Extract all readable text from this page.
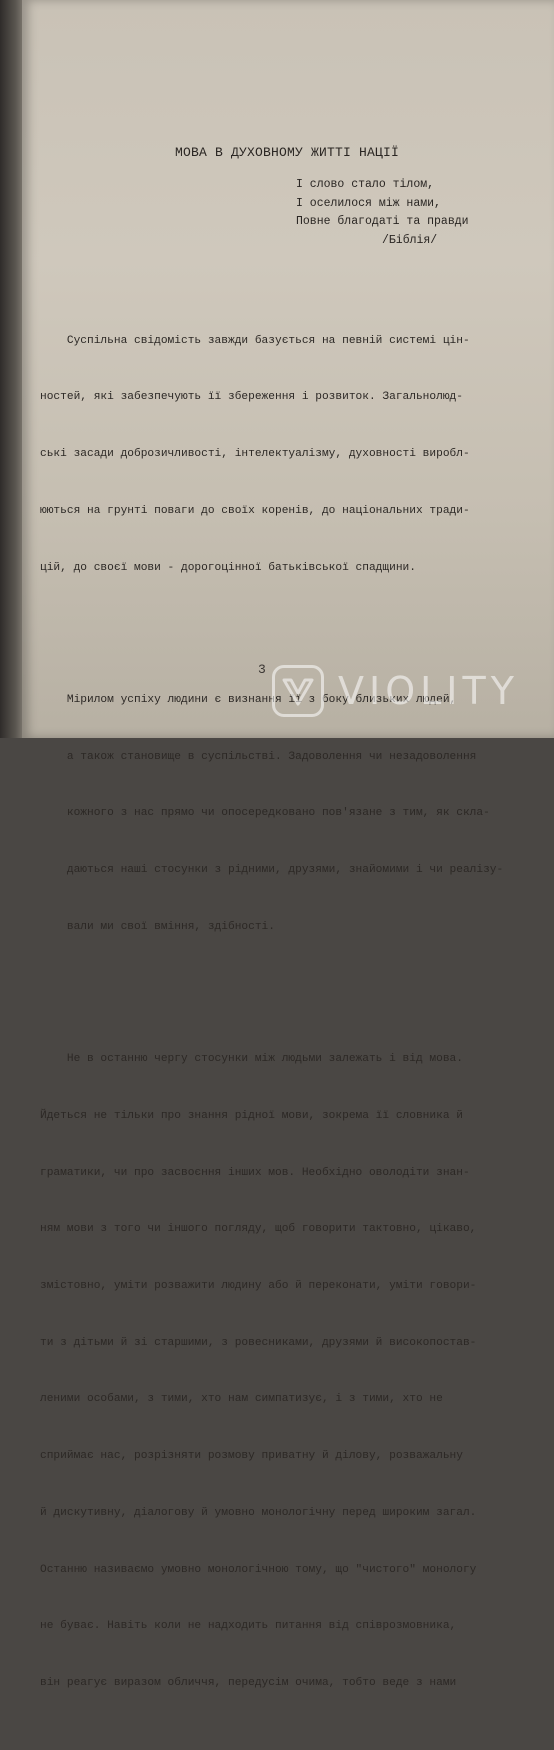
МОВА В ДУХОВНОМУ ЖИТТІ НАЦІЇ
І слово стало тілом,
І оселилося між нами,
Повне благодаті та правди
/Біблія/

Суспільна свідомість завжди базується на певній системі цін-

ностей, які забезпечують її збереження і розвиток. Загальнолюд-

ські засади доброзичливості, інтелектуалізму, духовності виробл-

юються на грунті поваги до своїх коренів, до національних тради-

цій, до своєї мови - дорогоцінної батьківської спадщини.

Мірилом успіху людини є визнання її з боку близьких людей,

а також становище в суспільстві. Задоволення чи незадоволення

кожного з нас прямо чи опосередковано пов'язане з тим, як скла-

даються наші стосунки з рідними, друзями, знайомими і чи реалізу-

вали ми свої вміння, здібності.

Не в останню чергу стосунки між людьми залежать і від мова.

Йдеться не тільки про знання рідної мови, зокрема її словника й

граматики, чи про засвоєння інших мов. Необхідно оволодіти знан-

ням мови з того чи іншого погляду, щоб говорити тактовно, цікаво,

змістовно, уміти розважити людину або й переконати, уміти говори-

ти з дітьми й зі старшими, з ровесниками, друзями й високопостав-

леними особами, з тими, хто нам симпатизує, і з тими, хто не

сприймає нас, розрізняти розмову приватну й ділову, розважальну

й дискутивну, діалогову й умовно монологічну перед широким загал.

Останню називаємо умовно монологічною тому, що "чистого" монологу

не буває. Навіть коли не надходить питання від співрозмовника,

він реагує виразом обличчя, передусім очима, тобто веде з нами

3 VIOLITY
